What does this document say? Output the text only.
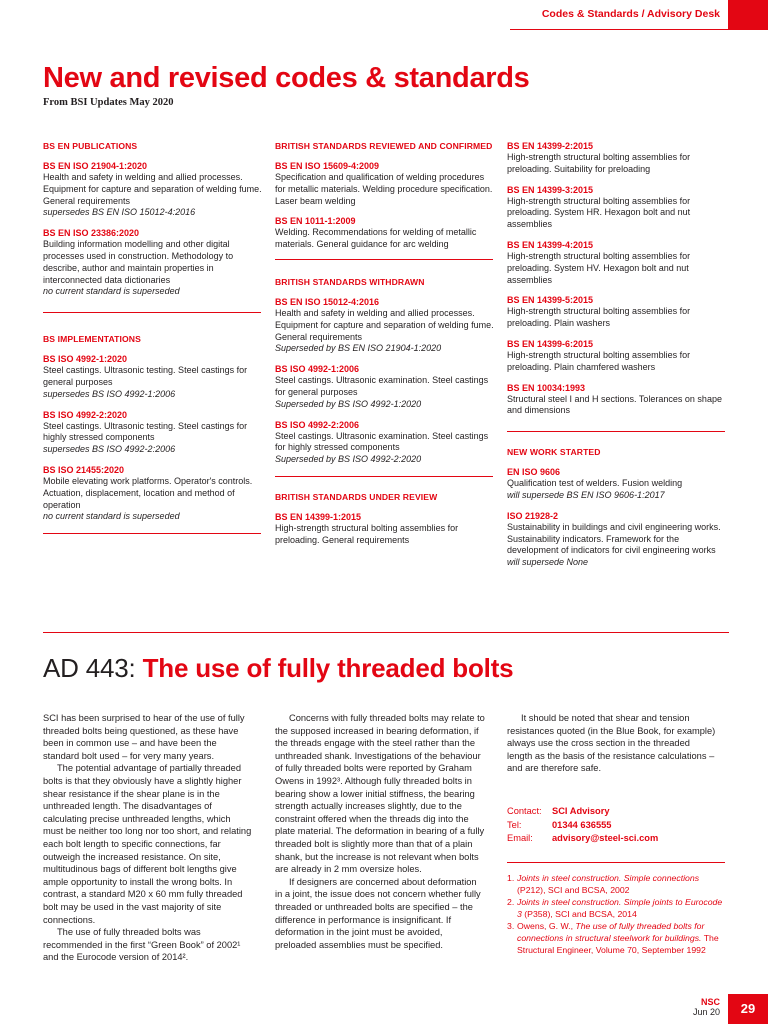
Codes & Standards / Advisory Desk
New and revised codes & standards
From BSI Updates May 2020
BS EN PUBLICATIONS
BS EN ISO 21904-1:2020
Health and safety in welding and allied processes. Equipment for capture and separation of welding fume. General requirements
supersedes BS EN ISO 15012-4:2016
BS EN ISO 23386:2020
Building information modelling and other digital processes used in construction. Methodology to describe, author and maintain properties in interconnected data dictionaries
no current standard is superseded
BS IMPLEMENTATIONS
BS ISO 4992-1:2020
Steel castings. Ultrasonic testing. Steel castings for general purposes
supersedes BS ISO 4992-1:2006
BS ISO 4992-2:2020
Steel castings. Ultrasonic testing. Steel castings for highly stressed components
supersedes BS ISO 4992-2:2006
BS ISO 21455:2020
Mobile elevating work platforms. Operator's controls. Actuation, displacement, location and method of operation
no current standard is superseded
BRITISH STANDARDS REVIEWED AND CONFIRMED
BS EN ISO 15609-4:2009
Specification and qualification of welding procedures for metallic materials. Welding procedure specification. Laser beam welding
BS EN 1011-1:2009
Welding. Recommendations for welding of metallic materials. General guidance for arc welding
BRITISH STANDARDS WITHDRAWN
BS EN ISO 15012-4:2016
Health and safety in welding and allied processes. Equipment for capture and separation of welding fume. General requirements
Superseded by BS EN ISO 21904-1:2020
BS ISO 4992-1:2006
Steel castings. Ultrasonic examination. Steel castings for general purposes
Superseded by BS ISO 4992-1:2020
BS ISO 4992-2:2006
Steel castings. Ultrasonic examination. Steel castings for highly stressed components
Superseded by BS ISO 4992-2:2020
BRITISH STANDARDS UNDER REVIEW
BS EN 14399-1:2015
High-strength structural bolting assemblies for preloading. General requirements
BS EN 14399-2:2015
High-strength structural bolting assemblies for preloading. Suitability for preloading
BS EN 14399-3:2015
High-strength structural bolting assemblies for preloading. System HR. Hexagon bolt and nut assemblies
BS EN 14399-4:2015
High-strength structural bolting assemblies for preloading. System HV. Hexagon bolt and nut assemblies
BS EN 14399-5:2015
High-strength structural bolting assemblies for preloading. Plain washers
BS EN 14399-6:2015
High-strength structural bolting assemblies for preloading. Plain chamfered washers
BS EN 10034:1993
Structural steel I and H sections. Tolerances on shape and dimensions
NEW WORK STARTED
EN ISO 9606
Qualification test of welders. Fusion welding
will supersede BS EN ISO 9606-1:2017
ISO 21928-2
Sustainability in buildings and civil engineering works. Sustainability indicators. Framework for the development of indicators for civil engineering works
will supersede None
AD 443: The use of fully threaded bolts

SCI has been surprised to hear of the use of fully threaded bolts being questioned, as these have been in common use – and have been the standard bolt used – for very many years.

The potential advantage of partially threaded bolts is that they obviously have a slightly higher shear resistance if the shear plane is in the unthreaded length. The disadvantages of calculating precise unthreaded lengths, which must be neither too long nor too short, and relating each bolt length to specific connections, far outweigh the increased resistance. On site, multitudinous bags of different bolt lengths give ample opportunity to install the wrong bolts. In contrast, a standard M20 x 60 mm fully threaded bolt may be used in the vast majority of site connections.

The use of fully threaded bolts was recommended in the first “Green Book” of 2002¹ and the Eurocode version of 2014².

Concerns with fully threaded bolts may relate to the supposed increased in bearing deformation, if the threads engage with the steel rather than the unthreaded shank. Investigations of the behaviour of fully threaded bolts were reported by Graham Owens in 1992³. Although fully threaded bolts in bearing show a lower initial stiffness, the bearing strength actually increases slightly, due to the constraint offered when the threads dig into the plate material. The deformation in bearing of a fully threaded bolt is slightly more than that of a plain shank, but the increase is not relevant when bolts are already in 2 mm oversize holes.

If designers are concerned about deformation in a joint, the issue does not concern whether fully threaded or unthreaded bolts are specified – the difference in performance is insignificant. If deformation in the joint must be avoided, preloaded assemblies must be specified.

It should be noted that shear and tension resistances quoted (in the Blue Book, for example) always use the cross section in the threaded length as the basis of the resistance calculations – and are therefore safe.

Contact:	SCI Advisory
Tel:	01344 636555
Email:	advisory@steel-sci.com
1. Joints in steel construction. Simple connections (P212), SCI and BCSA, 2002
2. Joints in steel construction. Simple joints to Eurocode 3 (P358), SCI and BCSA, 2014
3. Owens, G. W., The use of fully threaded bolts for connections in structural steelwork for buildings. The Structural Engineer, Volume 70, September 1992
NSC
Jun 20	29
